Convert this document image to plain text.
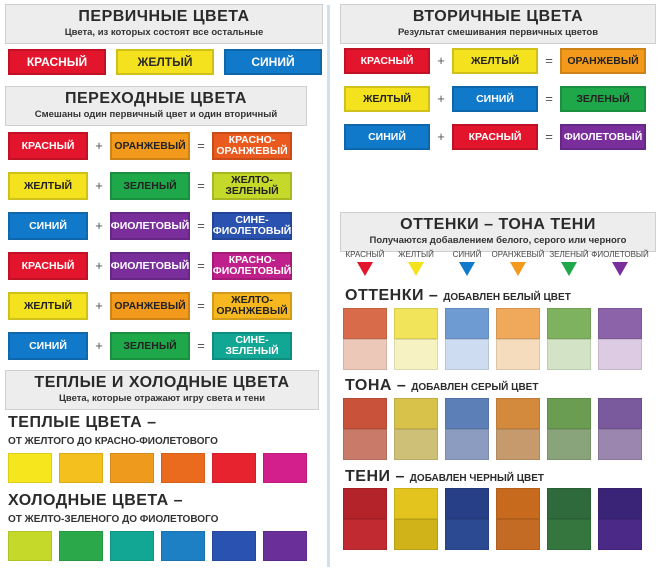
ПЕРВИЧНЫЕ ЦВЕТА
Цвета, из которых состоят все остальные
КРАСНЫЙ	ЖЕЛТЫЙ	СИНИЙ
ВТОРИЧНЫЕ ЦВЕТА
Результат смешивания первичных цветов
КРАСНЫЙ	+	ЖЕЛТЫЙ	=	ОРАНЖЕВЫЙ
ЖЕЛТЫЙ	+	СИНИЙ	=	ЗЕЛЕНЫЙ
СИНИЙ	+	КРАСНЫЙ	=	ФИОЛЕТОВЫЙ
ПЕРЕХОДНЫЕ ЦВЕТА
Смешаны один первичный цвет и один вторичный
КРАСНЫЙ	+	ОРАНЖЕВЫЙ =	КРАСНО-
ОРАНЖЕВЫЙ
ЖЕЛТЫЙ	+	ЗЕЛЕНЫЙ	=	ЖЕЛТО-
ЗЕЛЕНЫЙ
СИНИЙ	+ ФИОЛЕТОВЫЙ =	СИНЕ-
ФИОЛЕТОВЫЙ
КРАСНЫЙ	+ ФИОЛЕТОВЫЙ =	КРАСНО-
ФИОЛЕТОВЫЙ
ЖЕЛТЫЙ	+	ОРАНЖЕВЫЙ =	ЖЕЛТО-
ОРАНЖЕВЫЙ
СИНИЙ	+	ЗЕЛЕНЫЙ	=	СИНЕ-
ЗЕЛЕНЫЙ
ТЕПЛЫЕ И ХОЛОДНЫЕ ЦВЕТА
Цвета, которые отражают игру света и тени
ТЕПЛЫЕ ЦВЕТА –
ОТ ЖЕЛТОГО ДО КРАСНО-ФИОЛЕТОВОГО
ХОЛОДНЫЕ ЦВЕТА –
ОТ ЖЕЛТО-ЗЕЛЕНОГО ДО ФИОЛЕТОВОГО
ОТТЕНКИ – ТОНА ТЕНИ
Получаются добавлением белого, серого или черного
КРАСНЫЙ	ЖЕЛТЫЙ	СИНИЙ	ОРАНЖЕВЫЙ ЗЕЛЕНЫЙ ФИОЛЕТОВЫЙ
ОТТЕНКИ – ДОБАВЛЕН БЕЛЫЙ ЦВЕТ
ТОНА – ДОБАВЛЕН СЕРЫЙ ЦВЕТ
ТЕНИ – ДОБАВЛЕН ЧЕРНЫЙ ЦВЕТ
